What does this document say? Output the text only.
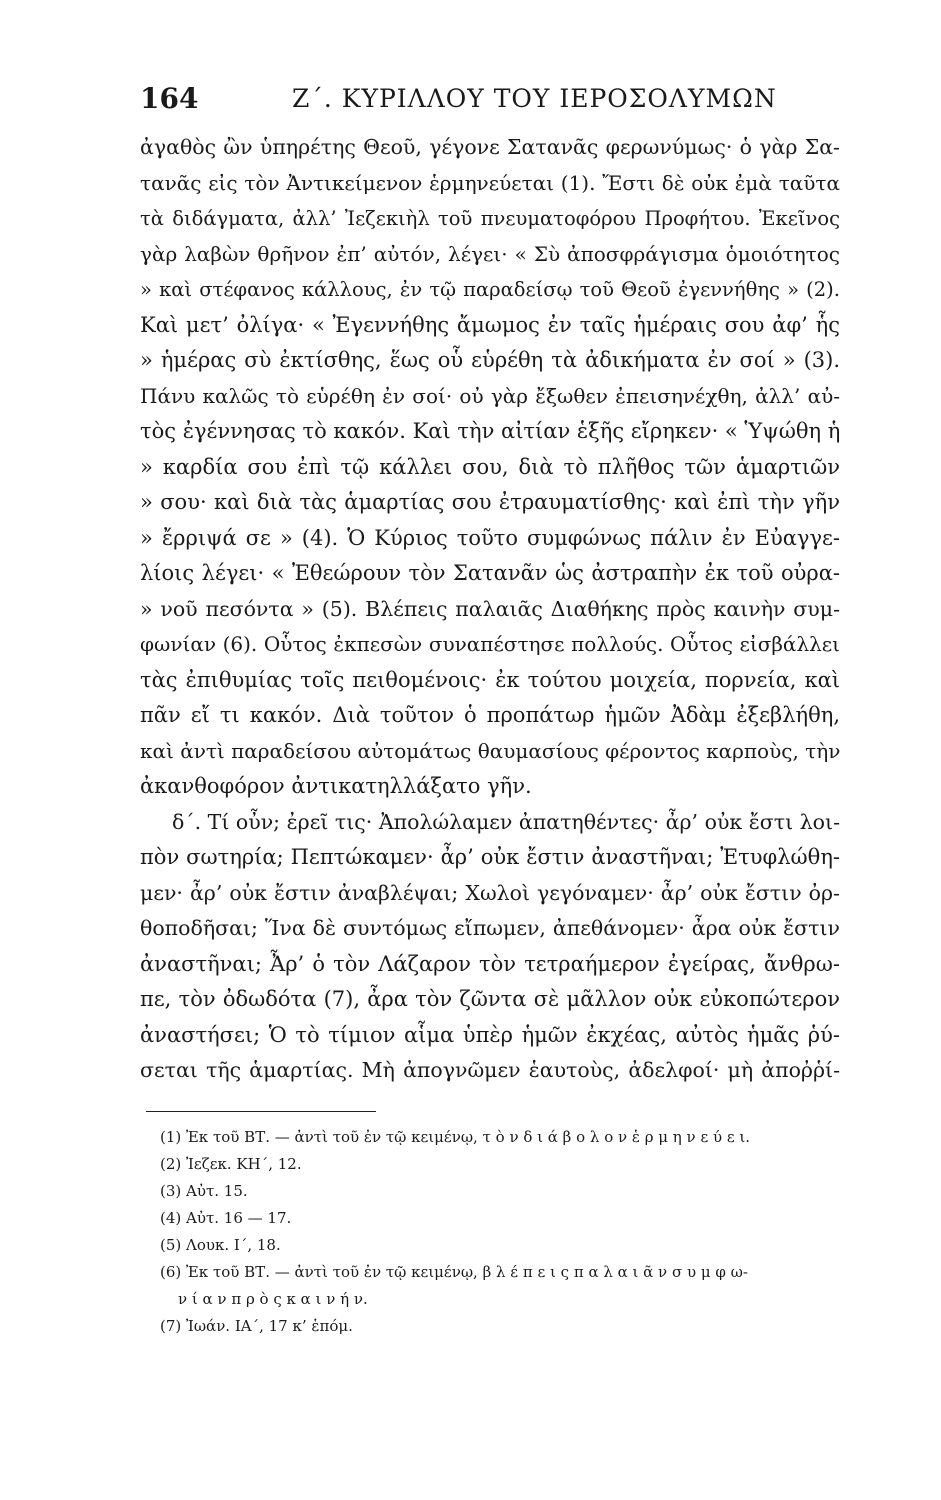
164	Ζ΄. ΚΥΡΙΛΛΟΥ ΤΟΥ ΙΕΡΟΣΟΛΥΜΩΝ
ἀγαθὸς ὢν ὑπηρέτης Θεοῦ, γέγονε Σατανᾶς φερωνύμως· ὁ γὰρ Σα-
τανᾶς εἰς τὸν Ἀντικείμενον ἑρμηνεύεται (1). Ἔστι δὲ οὐκ ἐμὰ ταῦτα
τὰ διδάγματα, ἀλλ’ Ἰεζεκιὴλ τοῦ πνευματοφόρου Προφήτου. Ἐκεῖνος
γὰρ λαβὼν θρῆνον ἐπ’ αὐτόν, λέγει· « Σὺ ἀποσφράγισμα ὁμοιότητος
» καὶ στέφανος κάλλους, ἐν τῷ παραδείσῳ τοῦ Θεοῦ ἐγεννήθης » (2).
Καὶ μετ’ ὀλίγα· « Ἐγεννήθης ἄμωμος ἐν ταῖς ἡμέραις σου ἀφ’ ἧς
» ἡμέρας σὺ ἐκτίσθης, ἕως οὗ εὑρέθη τὰ ἀδικήματα ἐν σοί » (3).
Πάνυ καλῶς τὸ εὑρέθη ἐν σοί· οὐ γὰρ ἔξωθεν ἐπεισηνέχθη, ἀλλ’ αὐ-
τὸς ἐγέννησας τὸ κακόν. Καὶ τὴν αἰτίαν ἑξῆς εἴρηκεν· « Ὑψώθη ἡ
» καρδία σου ἐπὶ τῷ κάλλει σου, διὰ τὸ πλῆθος τῶν ἁμαρτιῶν
» σου· καὶ διὰ τὰς ἁμαρτίας σου ἐτραυματίσθης· καὶ ἐπὶ τὴν γῆν
» ἔρριψά σε » (4). Ὁ Κύριος τοῦτο συμφώνως πάλιν ἐν Εὐαγγε-
λίοις λέγει· « Ἐθεώρουν τὸν Σατανᾶν ὡς ἀστραπὴν ἐκ τοῦ οὐρα-
» νοῦ πεσόντα » (5). Βλέπεις παλαιᾶς Διαθήκης πρὸς καινὴν συμ-
φωνίαν (6). Οὗτος ἐκπεσὼν συναπέστησε πολλούς. Οὗτος εἰσβάλλει
τὰς ἐπιθυμίας τοῖς πειθομένοις· ἐκ τούτου μοιχεία, πορνεία, καὶ
πᾶν εἴ τι κακόν. Διὰ τοῦτον ὁ προπάτωρ ἡμῶν Ἀδὰμ ἐξεβλήθη,
καὶ ἀντὶ παραδείσου αὐτομάτως θαυμασίους φέροντος καρποὺς, τὴν
ἀκανθοφόρον ἀντικατηλλάξατο γῆν.
δ΄. Τί οὖν; ἐρεῖ τις· Ἀπολώλαμεν ἀπατηθέντες· ἆρ’ οὐκ ἔστι λοι-
πὸν σωτηρία; Πεπτώκαμεν· ἆρ’ οὐκ ἔστιν ἀναστῆναι; Ἐτυφλώθη-
μεν· ἆρ’ οὐκ ἔστιν ἀναβλέψαι; Χωλοὶ γεγόναμεν· ἆρ’ οὐκ ἔστιν ὀρ-
θοποδῆσαι; Ἵνα δὲ συντόμως εἴπωμεν, ἀπεθάνομεν· ἆρα οὐκ ἔστιν
ἀναστῆναι; Ἆρ’ ὁ τὸν Λάζαρον τὸν τετραήμερον ἐγείρας, ἄνθρω-
πε, τὸν ὀδωδότα (7), ἆρα τὸν ζῶντα σὲ μᾶλλον οὐκ εὐκοπώτερον
ἀναστήσει; Ὁ τὸ τίμιον αἷμα ὑπὲρ ἡμῶν ἐκχέας, αὐτὸς ἡμᾶς ῥύ-
σεται τῆς ἁμαρτίας. Μὴ ἀπογνῶμεν ἑαυτοὺς, ἀδελφοί· μὴ ἀποῤῥί-
(1) Ἐκ τοῦ ΒΤ. — ἀντὶ τοῦ ἐν τῷ κειμένῳ, τ ὸ ν δ ι ά β ο λ ο ν ἑ ρ μ η ν ε ύ ε ι.
(2) Ἰεζεκ. ΚΗ΄, 12.
(3) Αὐτ. 15.
(4) Αὐτ. 16 — 17.
(5) Λουκ. Ι΄, 18.
(6) Ἐκ τοῦ ΒΤ. — ἀντὶ τοῦ ἐν τῷ κειμένῳ, β λ έ π ε ι ς π α λ α ι ᾶ ν σ υ μ φ ω-
ν ί α ν π ρ ὸ ς κ α ι ν ή ν.
(7) Ἰωάν. ΙΑ΄, 17 κ’ ἑπόμ.
